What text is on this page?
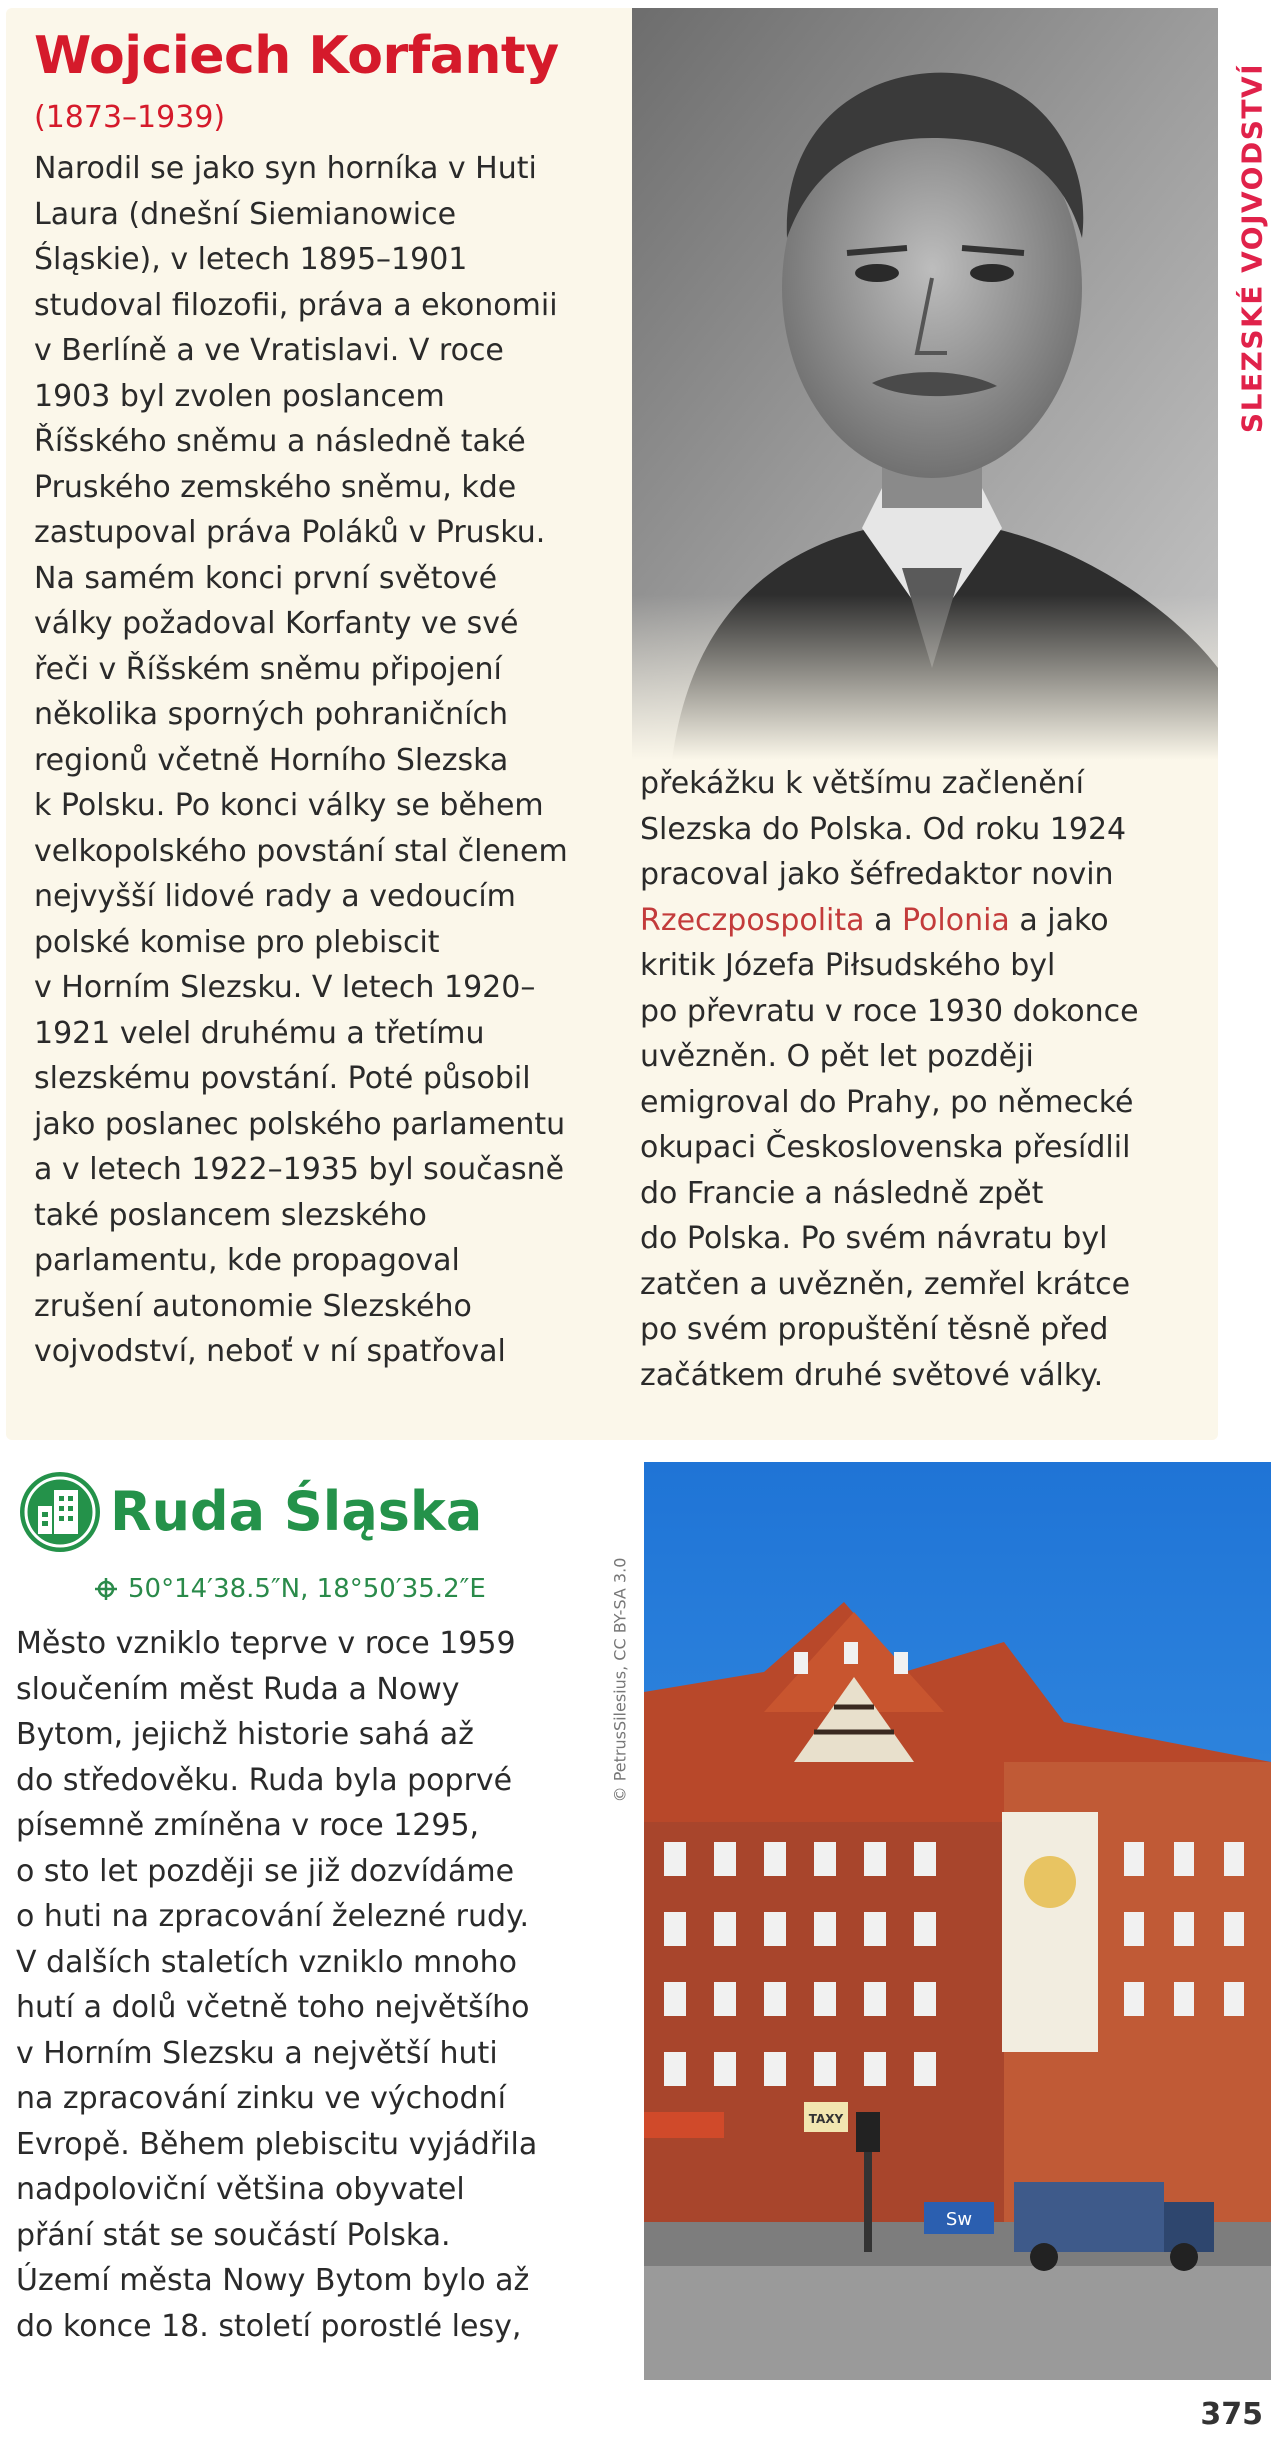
SLEZSKÉ VOJVODSTVÍ
Wojciech Korfanty
(1873–1939)
Narodil se jako syn horníka v Huti
Laura (dnešní Siemianowice
Śląskie), v letech 1895–1901
studoval filozofii, práva a ekonomii
v Berlíně a ve Vratislavi. V roce
1903 byl zvolen poslancem
Říšského sněmu a následně také
Pruského zemského sněmu, kde
zastupoval práva Poláků v Prusku.
Na samém konci první světové
války požadoval Korfanty ve své
řeči v Říšském sněmu připojení
několika sporných pohraničních
regionů včetně Horního Slezska
k Polsku. Po konci války se během
velkopolského povstání stal členem
nejvyšší lidové rady a vedoucím
polské komise pro plebiscit
v Horním Slezsku. V letech 1920–
1921 velel druhému a třetímu
slezskému povstání. Poté působil
jako poslanec polského parlamentu
a v letech 1922–1935 byl současně
také poslancem slezského
parlamentu, kde propagoval
zrušení autonomie Slezského
vojvodství, neboť v ní spatřoval
překážku k většímu začlenění
Slezska do Polska. Od roku 1924
pracoval jako šéfredaktor novin
Rzeczpospolita a Polonia a jako
kritik Józefa Piłsudského byl
po převratu v roce 1930 dokonce
uvězněn. O pět let později
emigroval do Prahy, po německé
okupaci Československa přesídlil
do Francie a následně zpět
do Polska. Po svém návratu byl
zatčen a uvězněn, zemřel krátce
po svém propuštění těsně před
začátkem druhé světové války.
Ruda Śląska
50°14′38.5″N, 18°50′35.2″E
Město vzniklo teprve v roce 1959
sloučením měst Ruda a Nowy
Bytom, jejichž historie sahá až
do středověku. Ruda byla poprvé
písemně zmíněna v roce 1295,
o sto let později se již dozvídáme
o huti na zpracování železné rudy.
V dalších staletích vzniklo mnoho
hutí a dolů včetně toho největšího
v Horním Slezsku a největší huti
na zpracování zinku ve východní
Evropě. Během plebiscitu vyjádřila
nadpoloviční většina obyvatel
přání stát se součástí Polska.
Území města Nowy Bytom bylo až
do konce 18. století porostlé lesy,
© PetrusSilesius, CC BY-SA 3.0
TAXY
Sw
375
